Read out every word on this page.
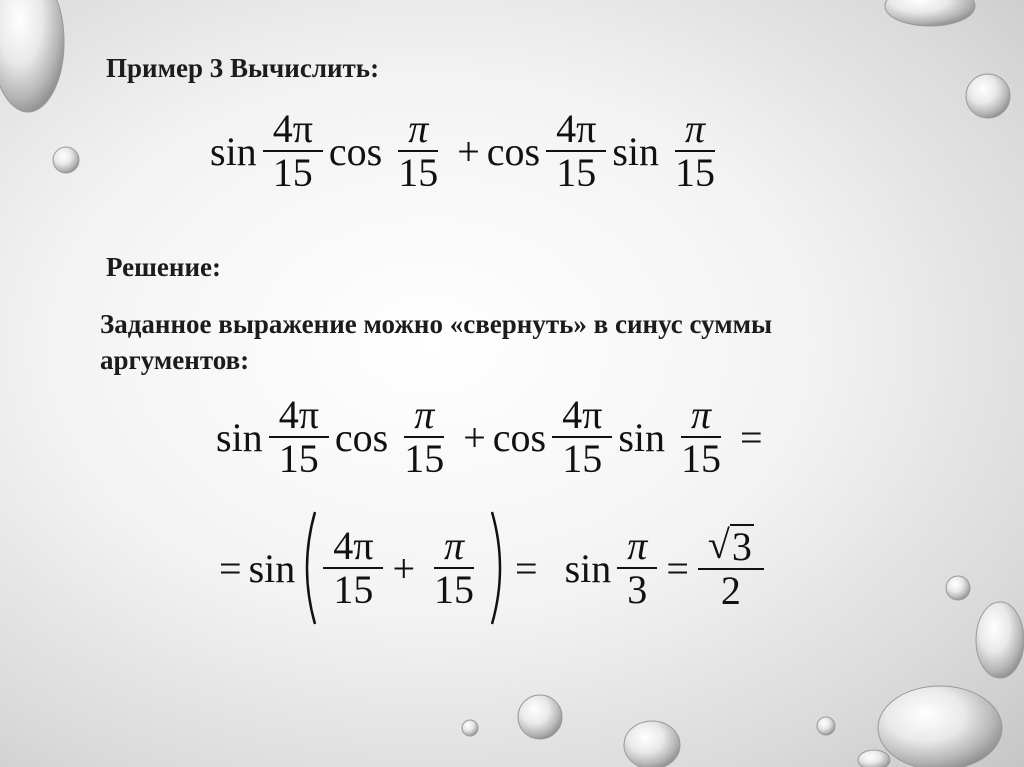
Пример 3 Вычислить:

$\sin \frac{4\pi}{15}$ $\cos \frac{\pi}{15} + \cos \frac{4\pi}{15}$ $\sin \frac{\pi}{15}$

Решение:

Заданное выражение можно «свернуть» в синус суммы

аргументов:

$\sin \frac{4\pi}{15}$ $\cos \frac{\pi}{15} + \cos \frac{4\pi}{15}$ $\sin \frac{\pi}{15}$ =
= $\sin \frac{4\pi}{15} + \frac{\pi}{15} = \sin \frac{\pi}{3} = \frac{√ 3}{2}$
